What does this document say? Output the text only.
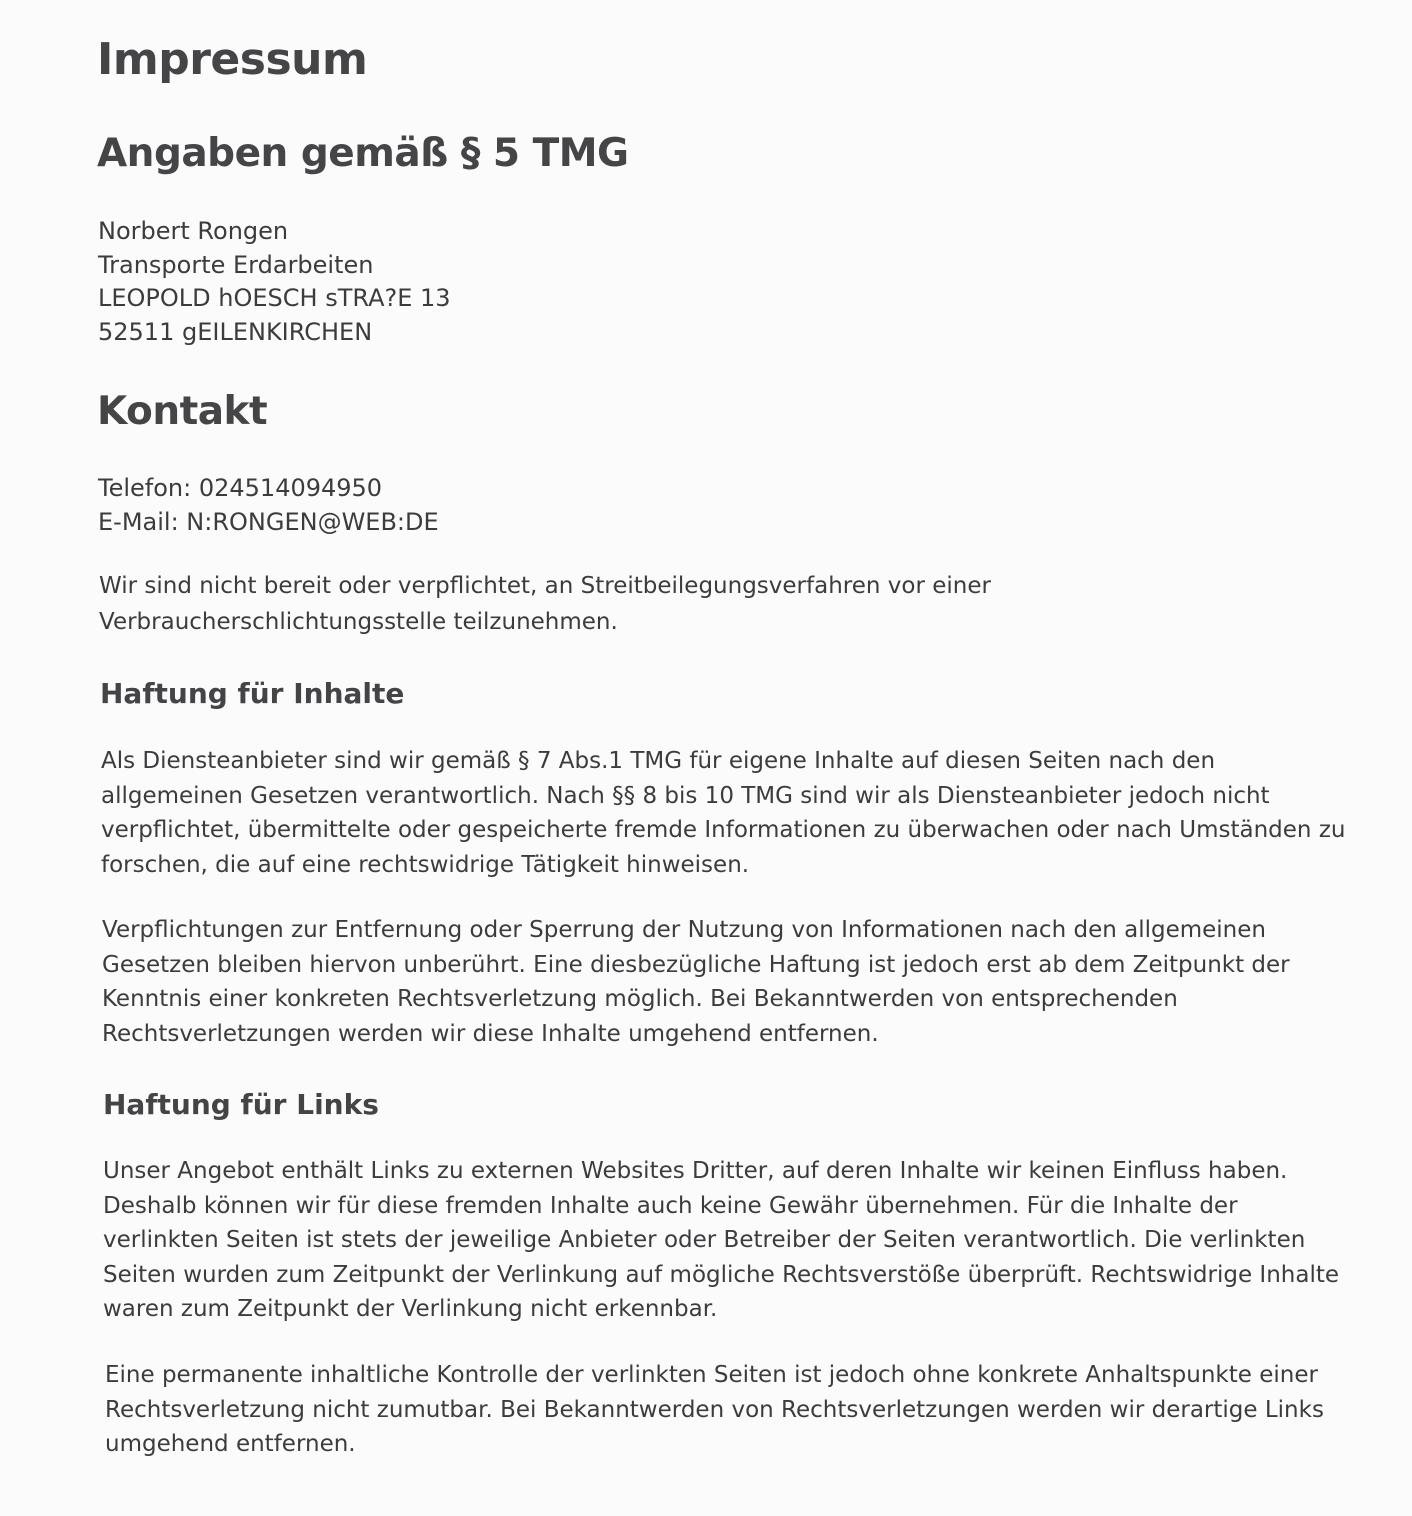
Impressum
Angaben gemäß § 5 TMG
Norbert Rongen
Transporte Erdarbeiten
LEOPOLD hOESCH sTRA?E 13
52511 gEILENKIRCHEN
Kontakt
Telefon: 024514094950
E-Mail: N:RONGEN@WEB:DE
Wir sind nicht bereit oder verpflichtet, an Streitbeilegungsverfahren vor einer
Verbraucherschlichtungsstelle teilzunehmen.
Haftung für Inhalte
Als Diensteanbieter sind wir gemäß § 7 Abs.1 TMG für eigene Inhalte auf diesen Seiten nach den
allgemeinen Gesetzen verantwortlich. Nach §§ 8 bis 10 TMG sind wir als Diensteanbieter jedoch nicht
verpflichtet, übermittelte oder gespeicherte fremde Informationen zu überwachen oder nach Umständen zu
forschen, die auf eine rechtswidrige Tätigkeit hinweisen.
Verpflichtungen zur Entfernung oder Sperrung der Nutzung von Informationen nach den allgemeinen
Gesetzen bleiben hiervon unberührt. Eine diesbezügliche Haftung ist jedoch erst ab dem Zeitpunkt der
Kenntnis einer konkreten Rechtsverletzung möglich. Bei Bekanntwerden von entsprechenden
Rechtsverletzungen werden wir diese Inhalte umgehend entfernen.
Haftung für Links
Unser Angebot enthält Links zu externen Websites Dritter, auf deren Inhalte wir keinen Einfluss haben.
Deshalb können wir für diese fremden Inhalte auch keine Gewähr übernehmen. Für die Inhalte der
verlinkten Seiten ist stets der jeweilige Anbieter oder Betreiber der Seiten verantwortlich. Die verlinkten
Seiten wurden zum Zeitpunkt der Verlinkung auf mögliche Rechtsverstöße überprüft. Rechtswidrige Inhalte
waren zum Zeitpunkt der Verlinkung nicht erkennbar.
Eine permanente inhaltliche Kontrolle der verlinkten Seiten ist jedoch ohne konkrete Anhaltspunkte einer
Rechtsverletzung nicht zumutbar. Bei Bekanntwerden von Rechtsverletzungen werden wir derartige Links
umgehend entfernen.
